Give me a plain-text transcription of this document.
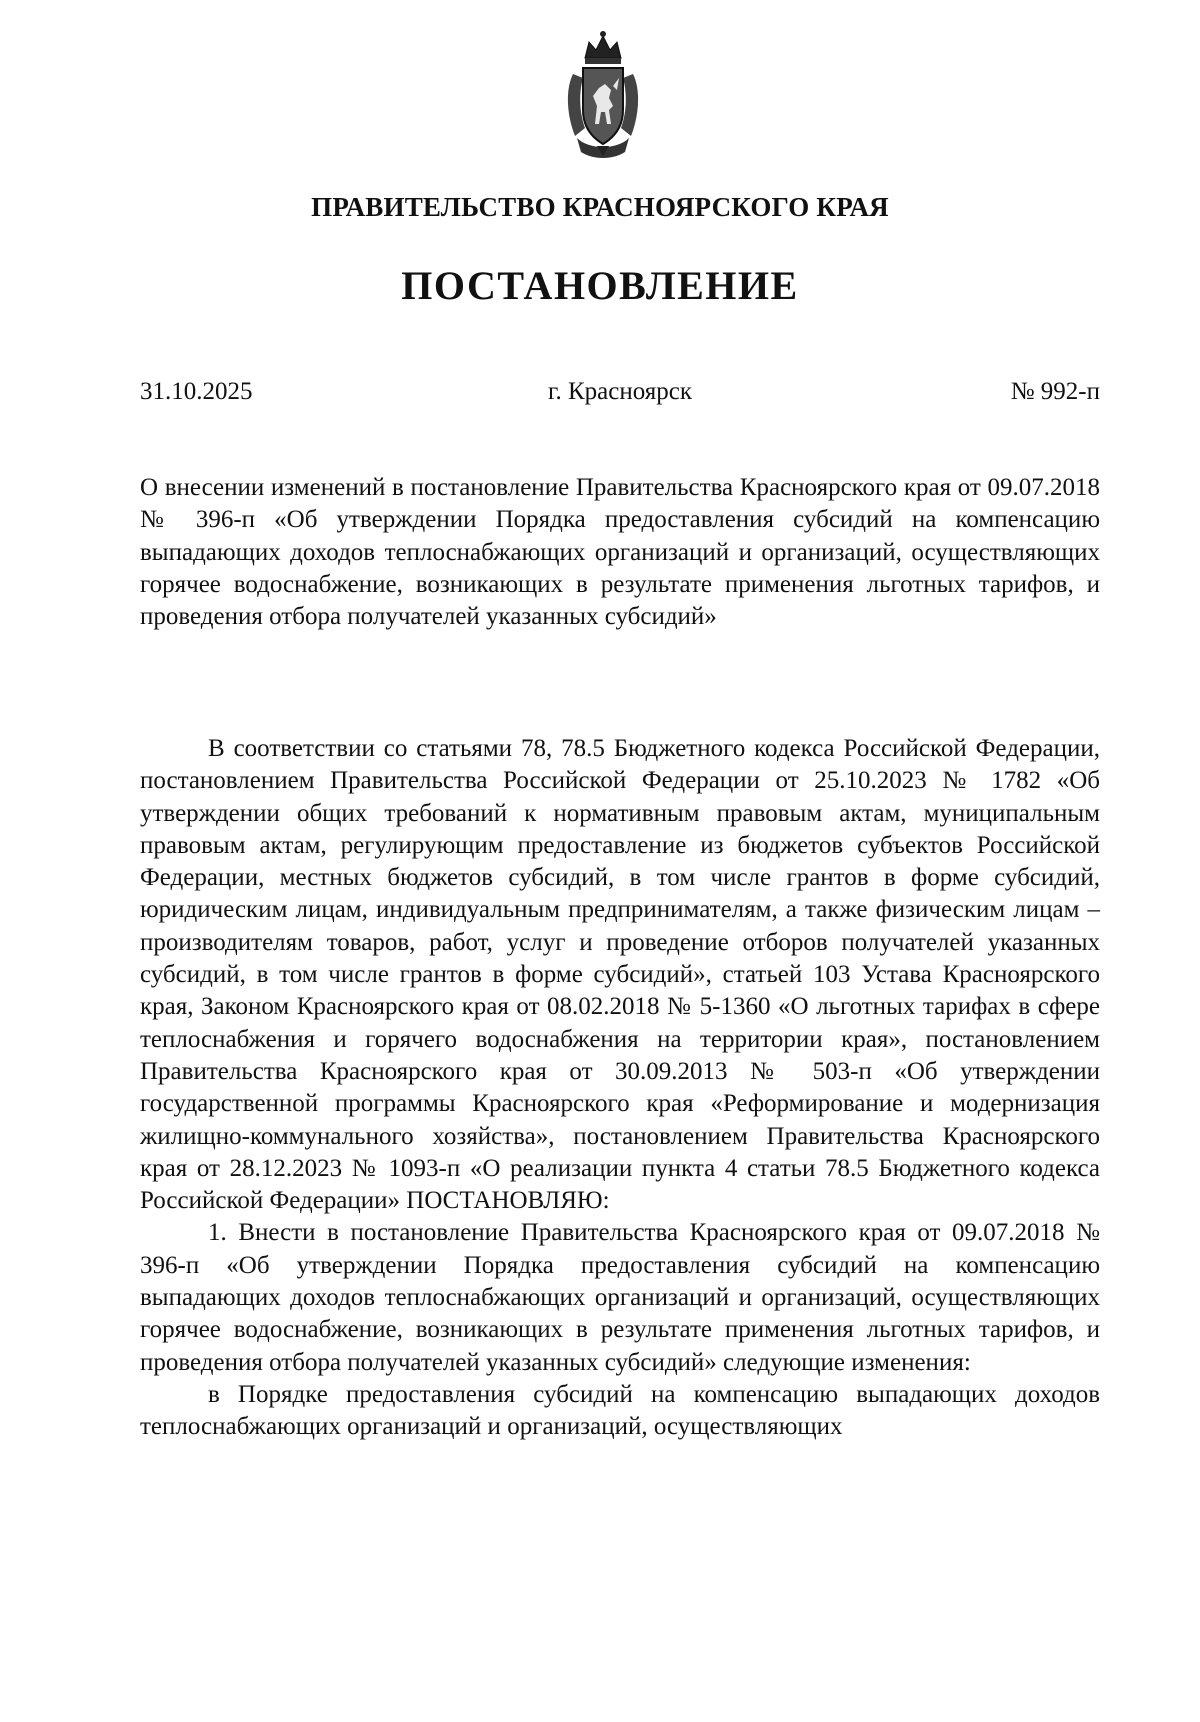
ПРАВИТЕЛЬСТВО КРАСНОЯРСКОГО КРАЯ
ПОСТАНОВЛЕНИЕ
31.10.2025	г. Красноярск	№ 992-п

О внесении изменений в постановление Правительства Красноярского края от 09.07.2018 № 396-п «Об утверждении Порядка предоставления субсидий на компенсацию выпадающих доходов теплоснабжающих организаций и организаций, осуществляющих горячее водоснабжение, возникающих в результате применения льготных тарифов, и проведения отбора получателей указанных субсидий»

В соответствии со статьями 78, 78.5 Бюджетного кодекса Российской Федерации, постановлением Правительства Российской Федерации от 25.10.2023 № 1782 «Об утверждении общих требований к нормативным правовым актам, муниципальным правовым актам, регулирующим предоставление из бюджетов субъектов Российской Федерации, местных бюджетов субсидий, в том числе грантов в форме субсидий, юридическим лицам, индивидуальным предпринимателям, а также физическим лицам – производителям товаров, работ, услуг и проведение отборов получателей указанных субсидий, в том числе грантов в форме субсидий», статьей 103 Устава Красноярского края, Законом Красноярского края от 08.02.2018 № 5-1360 «О льготных тарифах в сфере теплоснабжения и горячего водоснабжения на территории края», постановлением Правительства Красноярского края от 30.09.2013 № 503-п «Об утверждении государственной программы Красноярского края «Реформирование и модернизация жилищно-коммунального хозяйства», постановлением Правительства Красноярского края от 28.12.2023 № 1093-п «О реализации пункта 4 статьи 78.5 Бюджетного кодекса Российской Федерации» ПОСТАНОВЛЯЮ:

1. Внести в постановление Правительства Красноярского края от 09.07.2018 № 396-п «Об утверждении Порядка предоставления субсидий на компенсацию выпадающих доходов теплоснабжающих организаций и организаций, осуществляющих горячее водоснабжение, возникающих в результате применения льготных тарифов, и проведения отбора получателей указанных субсидий» следующие изменения:

в Порядке предоставления субсидий на компенсацию выпадающих доходов теплоснабжающих организаций и организаций, осуществляющих
